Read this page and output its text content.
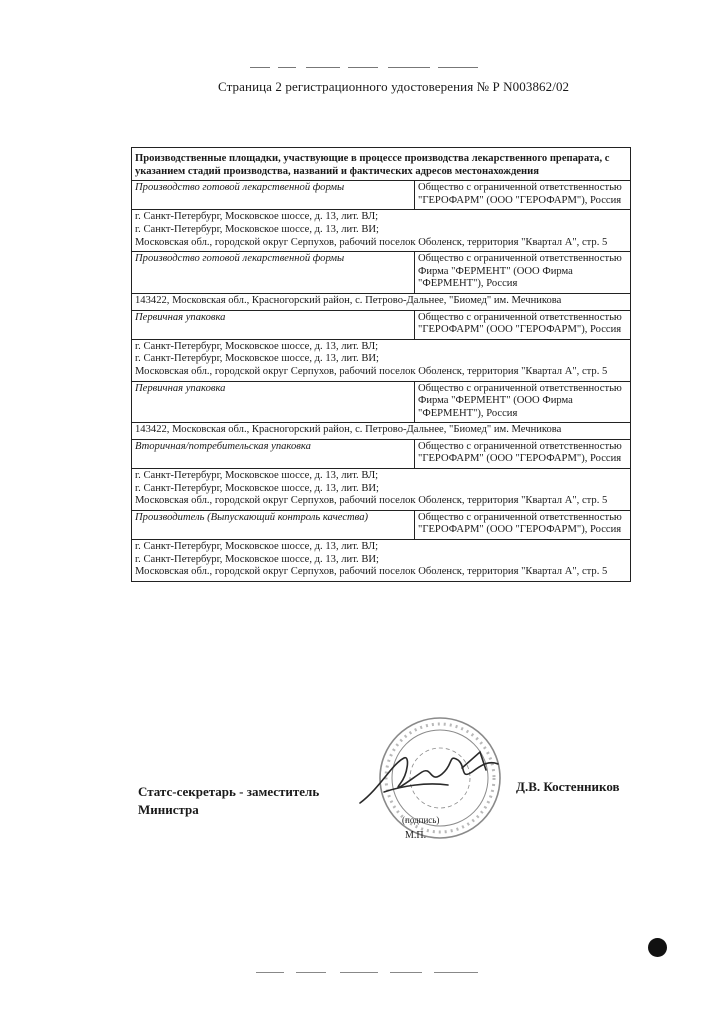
Страница 2 регистрационного удостоверения № Р N003862/02
Производственные площадки, участвующие в процессе производства лекарственного препарата, с указанием стадий производства, названий и фактических адресов местонахождения	
Производство готовой лекарственной формы	Общество с ограниченной ответственностью "ГЕРОФАРМ" (ООО "ГЕРОФАРМ"), Россия

г. Санкт-Петербург, Московское шоссе, д. 13, лит. ВЛ;
г. Санкт-Петербург, Московское шоссе, д. 13, лит. ВИ;
Московская обл., городской округ Серпухов, рабочий поселок Оболенск, территория "Квартал А", стр. 5	

Производство готовой лекарственной формы	Общество с ограниченной ответственностью Фирма "ФЕРМЕНТ" (ООО Фирма "ФЕРМЕНТ"), Россия

143422, Московская обл., Красногорский район, с. Петрово-Дальнее, "Биомед" им. Мечникова	

Первичная упаковка	Общество с ограниченной ответственностью "ГЕРОФАРМ" (ООО "ГЕРОФАРМ"), Россия

г. Санкт-Петербург, Московское шоссе, д. 13, лит. ВЛ;
г. Санкт-Петербург, Московское шоссе, д. 13, лит. ВИ;
Московская обл., городской округ Серпухов, рабочий поселок Оболенск, территория "Квартал А", стр. 5	

Первичная упаковка	Общество с ограниченной ответственностью Фирма "ФЕРМЕНТ" (ООО Фирма "ФЕРМЕНТ"), Россия

143422, Московская обл., Красногорский район, с. Петрово-Дальнее, "Биомед" им. Мечникова	

Вторичная/потребительская упаковка	Общество с ограниченной ответственностью "ГЕРОФАРМ" (ООО "ГЕРОФАРМ"), Россия

г. Санкт-Петербург, Московское шоссе, д. 13, лит. ВЛ;
г. Санкт-Петербург, Московское шоссе, д. 13, лит. ВИ;
Московская обл., городской округ Серпухов, рабочий поселок Оболенск, территория "Квартал А", стр. 5	

Производитель (Выпускающий контроль качества)	Общество с ограниченной ответственностью "ГЕРОФАРМ" (ООО "ГЕРОФАРМ"), Россия

г. Санкт-Петербург, Московское шоссе, д. 13, лит. ВЛ;
г. Санкт-Петербург, Московское шоссе, д. 13, лит. ВИ;
Московская обл., городской округ Серпухов, рабочий поселок Оболенск, территория "Квартал А", стр. 5	
Статс-секретарь - заместитель
Министра
Д.В. Костенников
(подпись)
М.П.
